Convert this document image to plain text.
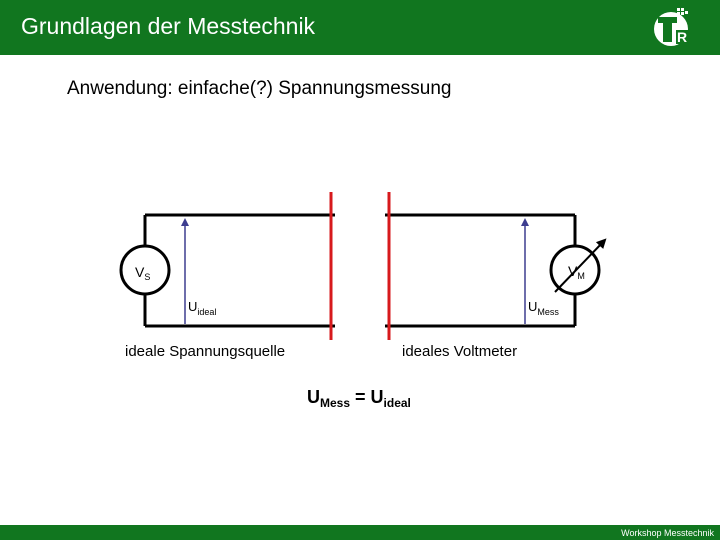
Grundlagen der Messtechnik	R
Anwendung: einfache(?) Spannungsmessung
$V_S$
$U_{ideal}$
$V_M$
$U_{Mess}$
ideale Spannungsquelle	ideales Voltmeter
$U_{Mess} = U_{ideal}$
Workshop Messtechnik
